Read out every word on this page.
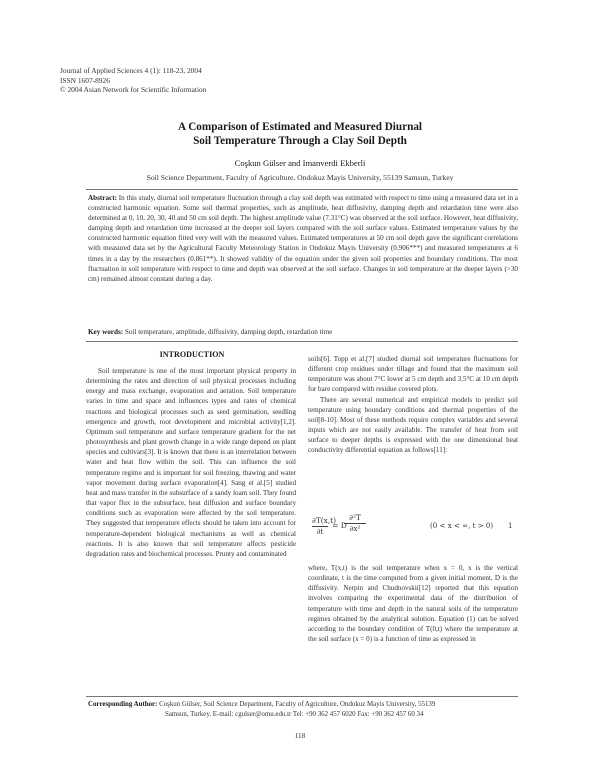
Journal of Applied Sciences 4 (1): 118-23, 2004
ISSN 1607-8926
© 2004 Asian Network for Scientific Information
A Comparison of Estimated and Measured Diurnal
Soil Temperature Through a Clay Soil Depth
Coşkun Gülser and Imanverdi Ekberli
Soil Science Department, Faculty of Agriculture, Ondokuz Mayis University, 55139 Samsun, Turkey
Abstract: In this study, diurnal soil temperature fluctuation through a clay soil depth was estimated with respect to time using a measured data set in a constructed harmonic equation. Some soil thermal properties, such as amplitude, heat diffusivity, damping depth and retardation time were also determined at 0, 10, 20, 30, 40 and 50 cm soil depth. The highest amplitude value (7.31°C) was observed at the soil surface. However, heat diffusivity, damping depth and retardation time increased at the deeper soil layers compared with the soil surface values. Estimated temperature values by the constructed harmonic equation fitted very well with the measured values. Estimated temperatures at 50 cm soil depth gave the significant correlations with measured data set by the Agricultural Faculty Meteorology Station in Ondokuz Mayis University (0.906***) and measured temperatures at 6 times in a day by the researchers (0.861**). It showed validity of the equation under the given soil properties and boundary conditions. The most fluctuation in soil temperature with respect to time and depth was observed at the soil surface. Changes in soil temperature at the deeper layers (>30 cm) remained almost constant during a day.
Key words: Soil temperature, amplitude, diffusivity, damping depth, retardation time
INTRODUCTION

Soil temperature is one of the most important physical property in determining the rates and direction of soil physical processes including energy and mass exchange, evaporation and aeration. Soil temperature varies in time and space and influences types and rates of chemical reactions and biological processes such as seed germination, seedling emergence and growth, root development and microbial activity[1,2]. Optimum soil temperature and surface temperature gradient for the net photosynthesis and plant growth change in a wide range depend on plant species and cultivars[3]. It is known that there is an interrelation between water and heat flow within the soil. This can influence the soil temperature regime and is important for soil freezing, thawing and water vapor movement during surface evaporation[4]. Sang et al.[5] studied heat and mass transfer in the subsurface of a sandy loam soil. They found that vapor flux in the subsurface, heat diffusion and surface boundary conditions such as evaporation were affected by the soil temperature. They suggested that temperature effects should be taken into account for temperature-dependent biological mechanisms as well as chemical reactions. It is also known that soil temperature affects pesticide degradation rates and biochemical processes. Prunty and contaminated

soils[6]. Topp et al.[7] studied diurnal soil temperature fluctuations for different crop residues under tillage and found that the maximum soil temperature was about 7°C lower at 5 cm depth and 3.5°C at 10 cm depth for bare compared with residue covered plots.

There are several numerical and empirical models to predict soil temperature using boundary conditions and thermal properties of the soil[8-10]. Most of these methods require complex variables and several inputs which are not easily available. The transfer of heat from soil surface to deeper depths is expressed with the one dimensional heat conductivity differential equation as follows[11]:

$\frac{\partial T(x,t)}{\partial t} = D$
$\frac{\text{∂²T}}{\text{∂x²}}$	(0 < x < ∞, t > 0) 1

where, T(x,t) is the soil temperature when x = 0, x is the vertical coordinate, t is the time computed from a given initial moment, D is the diffusivity. Nerpin and Chudnovskii[12] reported that this equation involves comparing the experimental data of the distribution of temperature with time and depth in the natural soils of the temperature regimes obtained by the analytical solution. Equation (1) can be solved according to the boundary condition of T(0,t) where the temperature at the soil surface (x = 0) is a function of time as expressed in

Corresponding Author: Coşkun Gülser, Soil Science Department, Faculty of Agriculture, Ondokuz Mayis University, 55139
Samsun, Turkey. E-mail: cgulser@omu.edu.tr Tel: +90 362 457 6020 Fax: +90 362 457 60 34
118
